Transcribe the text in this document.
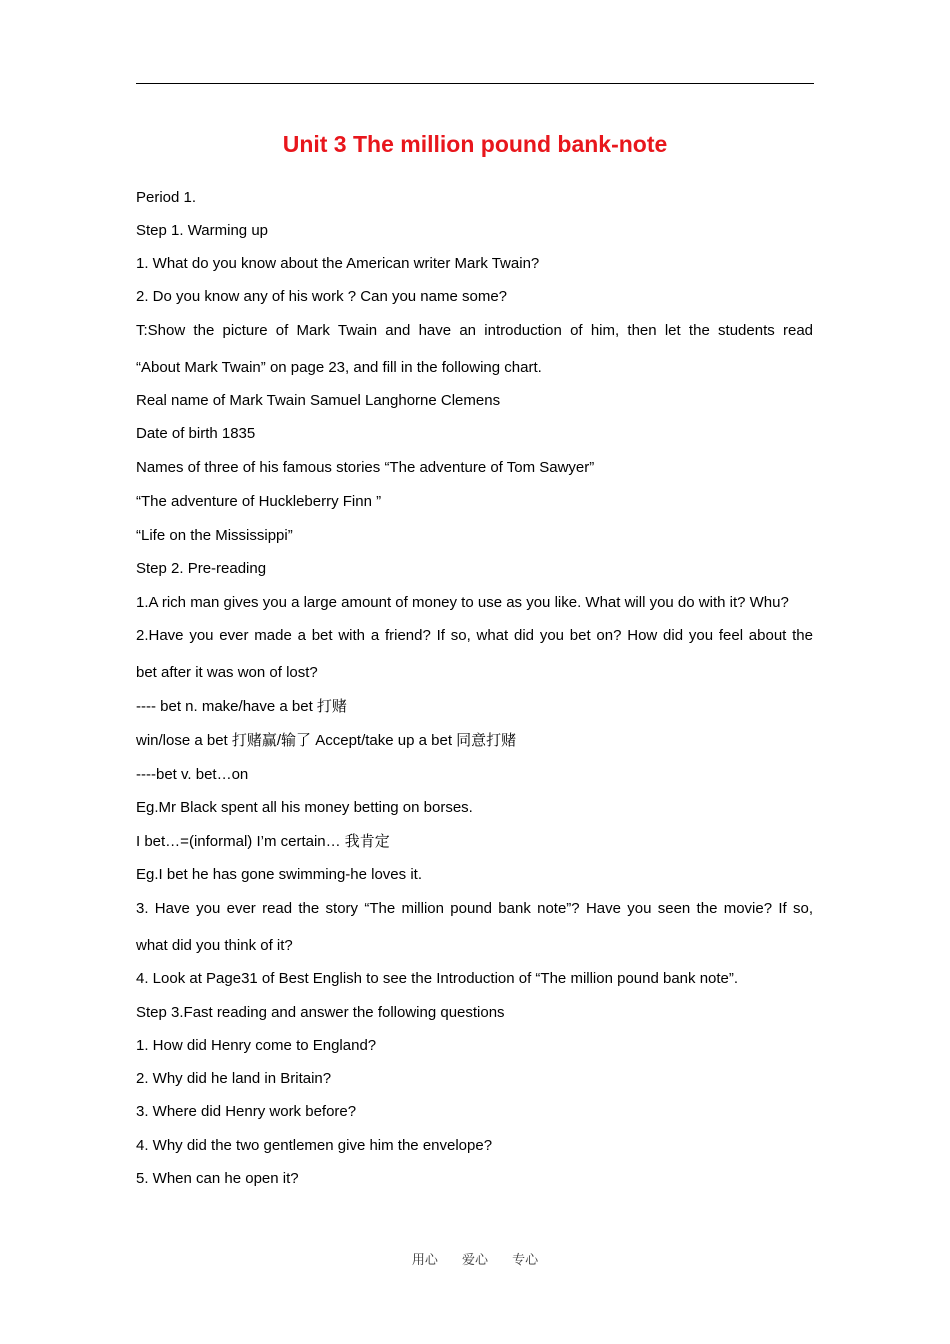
Unit 3 The million pound bank-note
Period 1.
Step 1. Warming up
1. What do you know about the American writer Mark Twain?
2. Do you know any of his work ? Can you name some?
T:Show the picture of Mark Twain and have an introduction of him, then let the students read
“About Mark Twain” on page 23, and fill in the following chart.
Real name of Mark Twain Samuel Langhorne Clemens
Date of birth 1835
Names of three of his famous stories “The adventure of Tom Sawyer”
“The adventure of Huckleberry Finn ”
“Life on the Mississippi”
Step 2. Pre-reading
1.A rich man gives you a large amount of money to use as you like. What will you do with it? Whu?
2.Have you ever made a bet with a friend? If so, what did you bet on? How did you feel about the
bet after it was won of lost?
---- bet n. make/have a bet 打赌
win/lose a bet 打赌赢/输了 Accept/take up a bet 同意打赌
----bet v. bet…on
Eg.Mr Black spent all his money betting on borses.
I bet…=(informal) I’m certain… 我肯定
Eg.I bet he has gone swimming-he loves it.
3. Have you ever read the story “The million pound bank note”? Have you seen the movie? If so,
what did you think of it?
4. Look at Page31 of Best English to see the Introduction of “The million pound bank note”.
Step 3.Fast reading and answer the following questions
1. How did Henry come to England?
2. Why did he land in Britain?
3. Where did Henry work before?
4. Why did the two gentlemen give him the envelope?
5. When can he open it?
用心 爱心 专心
